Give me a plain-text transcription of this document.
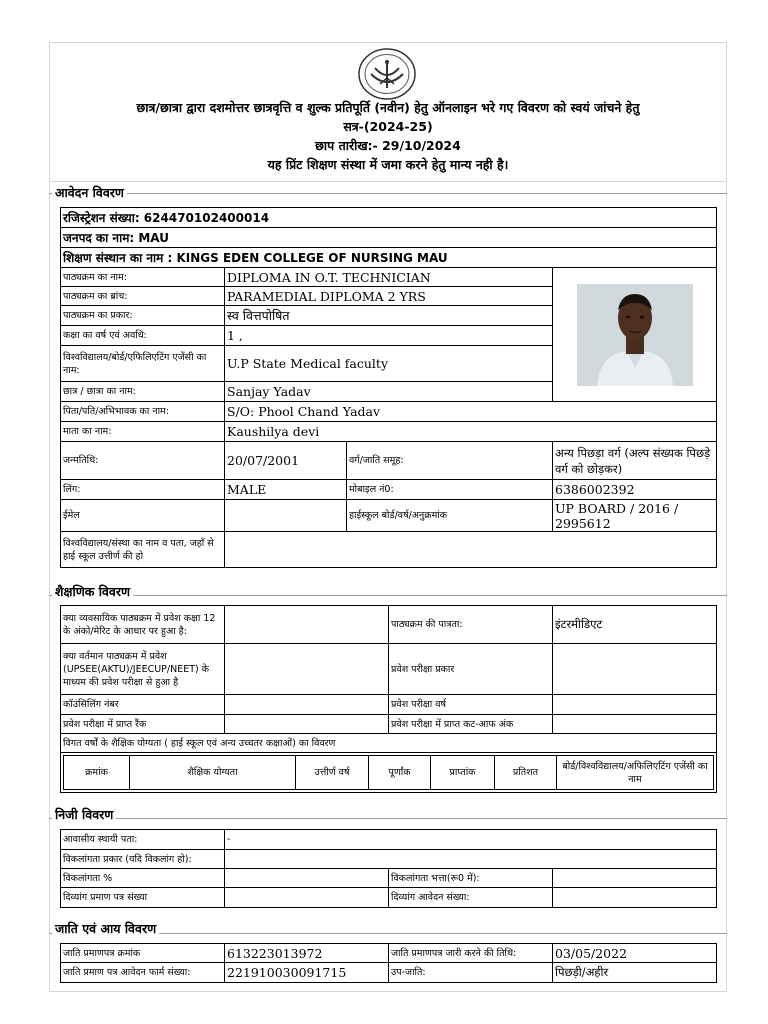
छात्र/छात्रा द्वारा दशमोत्तर छात्रवृत्ति व शुल्क प्रतिपूर्ति (नवीन) हेतु ऑनलाइन भरे गए विवरण को स्वयं जांचने हेतु
सत्र-(2024-25)
छाप तारीख:- 29/10/2024
यह प्रिंट शिक्षण संस्था में जमा करने हेतु मान्य नही है।
आवेदन विवरण
रजिस्ट्रेशन संख्या: 624470102400014			
जनपद का नाम: MAU			
शिक्षण संस्थान का नाम : KINGS EDEN COLLEGE OF NURSING MAU			
पाठ्यक्रम का नाम:	DIPLOMA IN O.T. TECHNICIAN	

पाठ्यक्रम का ब्रांच:	PARAMEDIAL DIPLOMA 2 YRS		
पाठ्यक्रम का प्रकार:	स्व वित्तपोषित		
कक्षा का वर्ष एवं अवधि:	1 ,		
विश्वविद्यालय/बोर्ड/एफिलिएटिंग एजेंसी का नाम:	U.P State Medical faculty		
छात्र / छात्रा का नाम:	Sanjay Yadav		
पिता/पति/अभिभावक का नाम:	S/O: Phool Chand Yadav		
माता का नाम:	Kaushilya devi		
जन्मतिथि:	20/07/2001	वर्ग/जाति समूह:	अन्य पिछड़ा वर्ग (अल्प संख्यक पिछड़े वर्ग को छोड़कर)
लिंग:	MALE	मोबाइल नं0:	6386002392
ईमेल		हाईस्कूल बोर्ड/वर्ष/अनुक्रमांक	UP BOARD / 2016 / 2995612
विश्वविद्यालय/संस्था का नाम व पता, जहाँ से हाई स्कूल उत्तीर्ण की हो			
शैक्षणिक विवरण
क्या व्यवसायिक पाठ्यक्रम में प्रवेश कक्षा 12 के अंको/मेरिट के आधार पर हुआ है:		पाठ्यक्रम की पात्रता:	इंटरमीडिएट
क्या वर्तमान पाठ्यक्रम में प्रवेश (UPSEE(AKTU)/JEECUP/NEET) के माध्यम की प्रवेश परीक्षा से हुआ है		प्रवेश परीक्षा प्रकार	
कॉउंसिलिंग नंबर		प्रवेश परीक्षा वर्ष	
प्रवेश परीक्षा में प्राप्त रैंक		प्रवेश परीक्षा में प्राप्त कट-आफ अंक	
विगत वर्षों के शैक्षिक योग्यता ( हाई स्कूल एवं अन्य उच्चतर कक्षाओं) का विवरण

क्रमांक	शैक्षिक योग्यता	उत्तीर्ण वर्ष	पूर्णांक	प्राप्तांक	प्रतिशत	बोर्ड/विश्वविद्यालय/अफिलिएटिंग एजेंसी का नाम
निजी विवरण
आवासीय स्थायी पता:	-		
विकलांगता प्रकार (यदि विकलांग हो):			
विकलांगता %		विकलांगता भत्ता(रू0 में):	
दिव्यांग प्रमाण पत्र संख्या		दिव्यांग आवेदन संख्या:	
जाति एवं आय विवरण
जाति प्रमाणपत्र क्रमांक	613223013972	जाति प्रमाणपत्र जारी करने की तिथि:	03/05/2022
जाति प्रमाण पत्र आवेदन फार्म संख्या:	221910030091715	उप-जाति:	पिछड़ी/अहीर
